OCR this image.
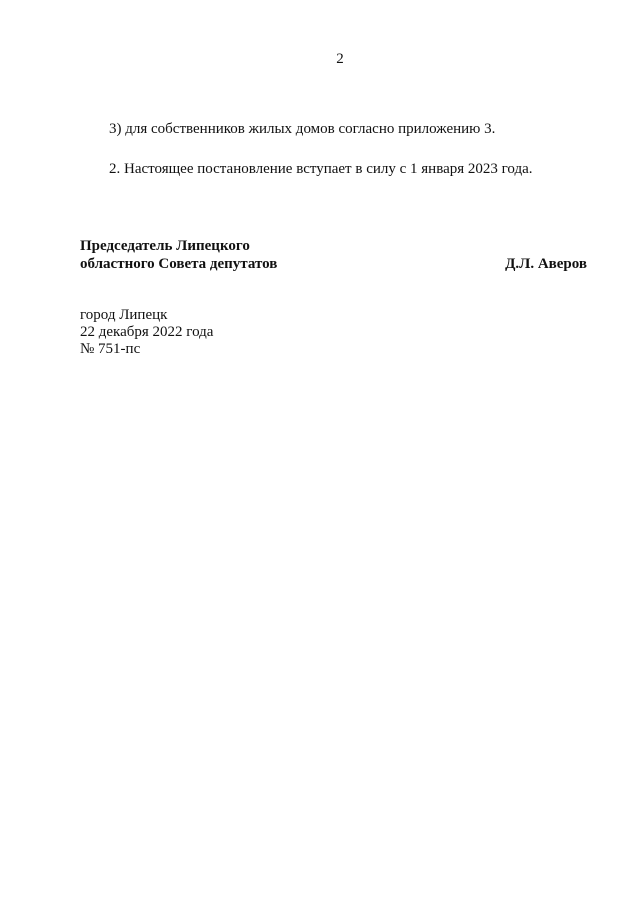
2
3) для собственников жилых домов согласно приложению 3.
2. Настоящее постановление вступает в силу с 1 января 2023 года.
Председатель Липецкого
областного Совета депутатов	Д.Л. Аверов
город Липецк
22 декабря 2022 года
№ 751-пс
